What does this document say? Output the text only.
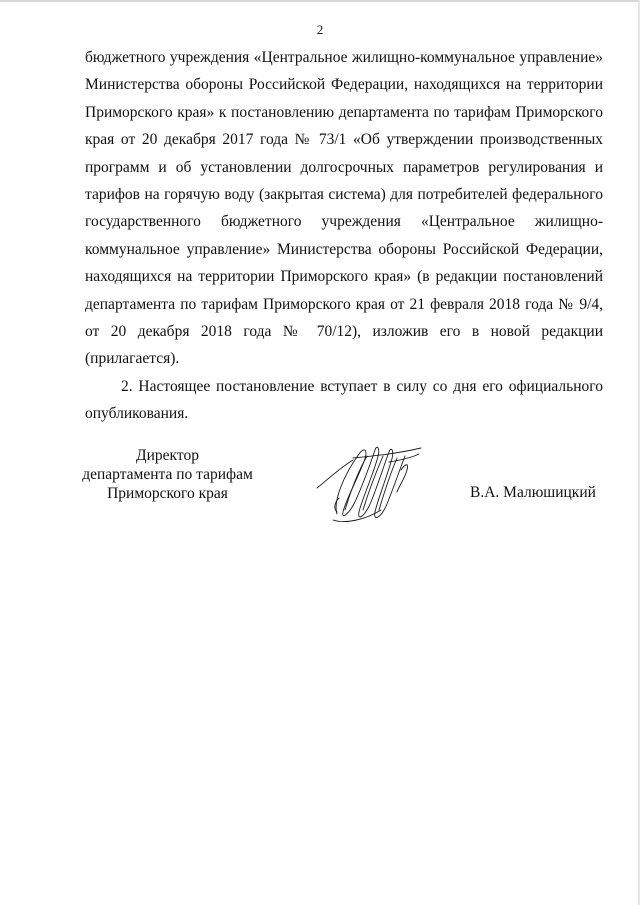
2

бюджетного учреждения «Центральное жилищно-коммунальное управление» Министерства обороны Российской Федерации, находящихся на территории Приморского края» к постановлению департамента по тарифам Приморского края от 20 декабря 2017 года № 73/1 «Об утверждении производственных программ и об установлении долгосрочных параметров регулирования и тарифов на горячую воду (закрытая система) для потребителей федерального государственного бюджетного учреждения «Центральное жилищно-коммунальное управление» Министерства обороны Российской Федерации, находящихся на территории Приморского края» (в редакции постановлений департамента по тарифам Приморского края от 21 февраля 2018 года № 9/4, от 20 декабря 2018 года № 70/12), изложив его в новой редакции (прилагается).

2. Настоящее постановление вступает в силу со дня его официального опубликования.

Директор
департамента по тарифам
Приморского края	В.А. Малюшицкий
